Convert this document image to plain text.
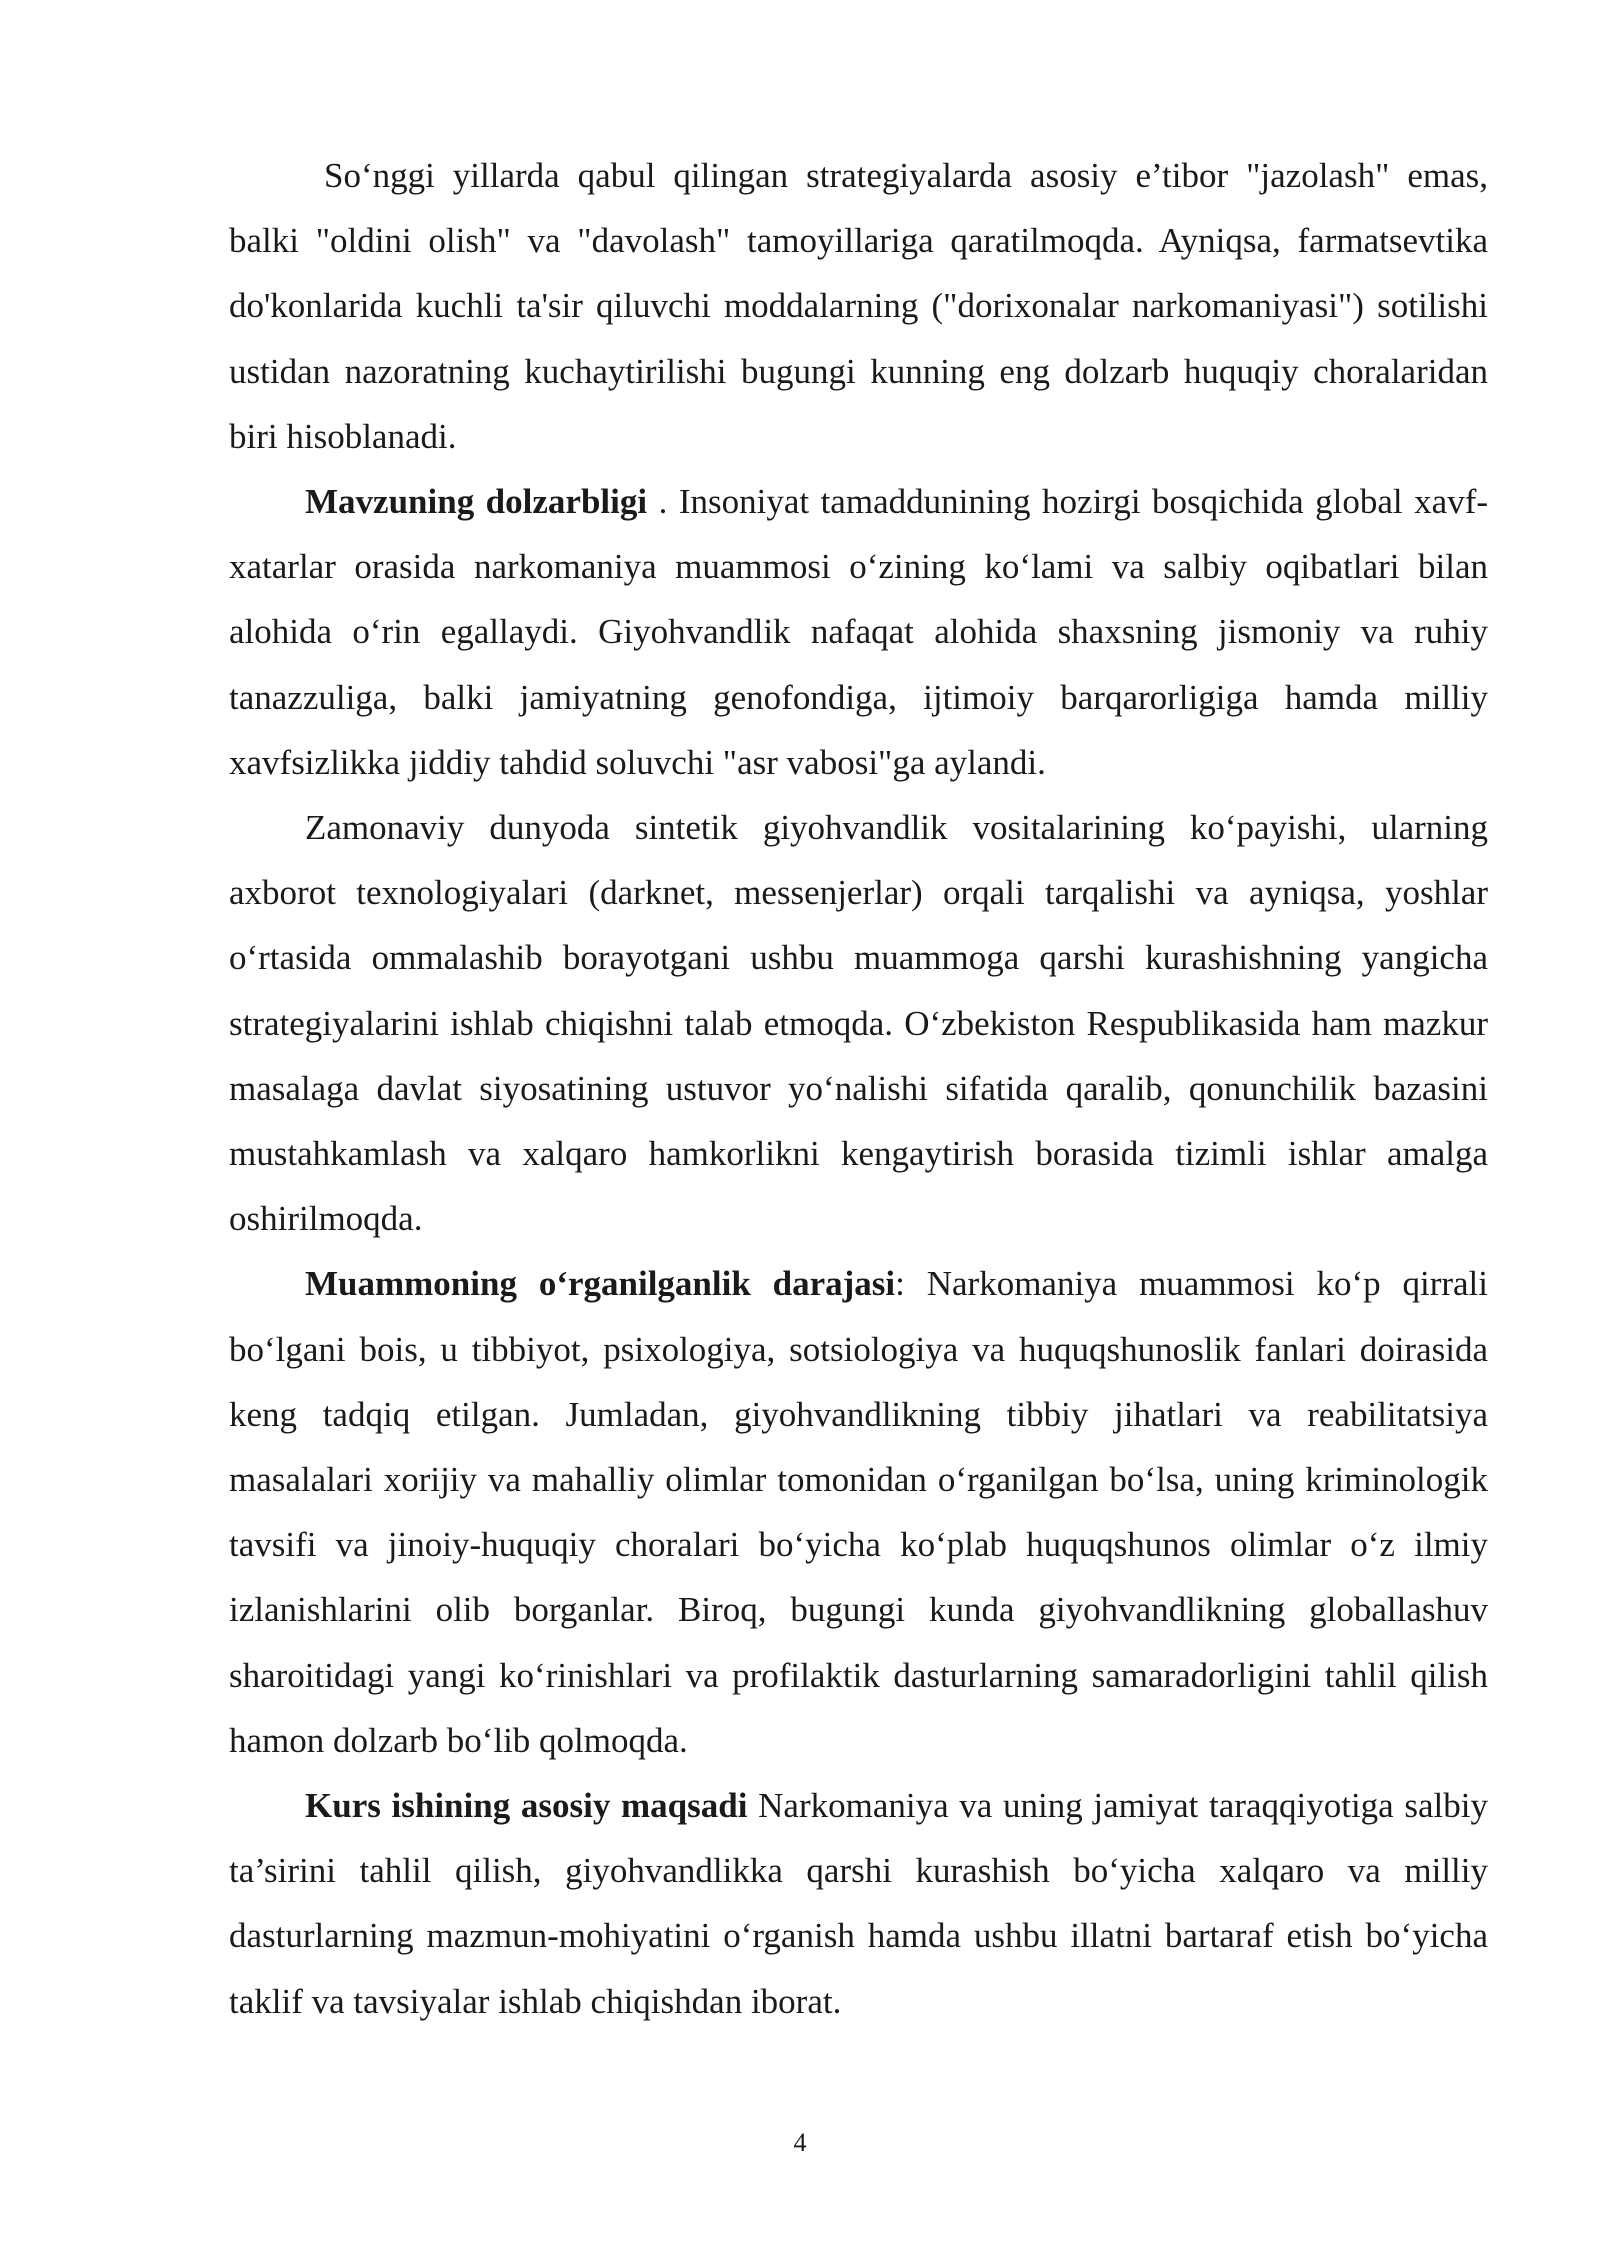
So‘nggi yillarda qabul qilingan strategiyalarda asosiy e’tibor "jazolash" emas, balki "oldini olish" va "davolash" tamoyillariga qaratilmoqda. Ayniqsa, farmatsevtika do'konlarida kuchli ta'sir qiluvchi moddalarning ("dorixonalar narkomaniyasi") sotilishi ustidan nazoratning kuchaytirilishi bugungi kunning eng dolzarb huquqiy choralaridan biri hisoblanadi.

Mavzuning dolzarbligi . Insoniyat tamaddunining hozirgi bosqichida global xavf-xatarlar orasida narkomaniya muammosi o‘zining ko‘lami va salbiy oqibatlari bilan alohida o‘rin egallaydi. Giyohvandlik nafaqat alohida shaxsning jismoniy va ruhiy tanazzuliga, balki jamiyatning genofondiga, ijtimoiy barqarorligiga hamda milliy xavfsizlikka jiddiy tahdid soluvchi "asr vabosi"ga aylandi.

Zamonaviy dunyoda sintetik giyohvandlik vositalarining ko‘payishi, ularning axborot texnologiyalari (darknet, messenjerlar) orqali tarqalishi va ayniqsa, yoshlar o‘rtasida ommalashib borayotgani ushbu muammoga qarshi kurashishning yangicha strategiyalarini ishlab chiqishni talab etmoqda. O‘zbekiston Respublikasida ham mazkur masalaga davlat siyosatining ustuvor yo‘nalishi sifatida qaralib, qonunchilik bazasini mustahkamlash va xalqaro hamkorlikni kengaytirish borasida tizimli ishlar amalga oshirilmoqda.

Muammoning o‘rganilganlik darajasi: Narkomaniya muammosi ko‘p qirrali bo‘lgani bois, u tibbiyot, psixologiya, sotsiologiya va huquqshunoslik fanlari doirasida keng tadqiq etilgan. Jumladan, giyohvandlikning tibbiy jihatlari va reabilitatsiya masalalari xorijiy va mahalliy olimlar tomonidan o‘rganilgan bo‘lsa, uning kriminologik tavsifi va jinoiy-huquqiy choralari bo‘yicha ko‘plab huquqshunos olimlar o‘z ilmiy izlanishlarini olib borganlar. Biroq, bugungi kunda giyohvandlikning globallashuv sharoitidagi yangi ko‘rinishlari va profilaktik dasturlarning samaradorligini tahlil qilish hamon dolzarb bo‘lib qolmoqda.

Kurs ishining asosiy maqsadi Narkomaniya va uning jamiyat taraqqiyotiga salbiy ta’sirini tahlil qilish, giyohvandlikka qarshi kurashish bo‘yicha xalqaro va milliy dasturlarning mazmun-mohiyatini o‘rganish hamda ushbu illatni bartaraf etish bo‘yicha taklif va tavsiyalar ishlab chiqishdan iborat.

4
